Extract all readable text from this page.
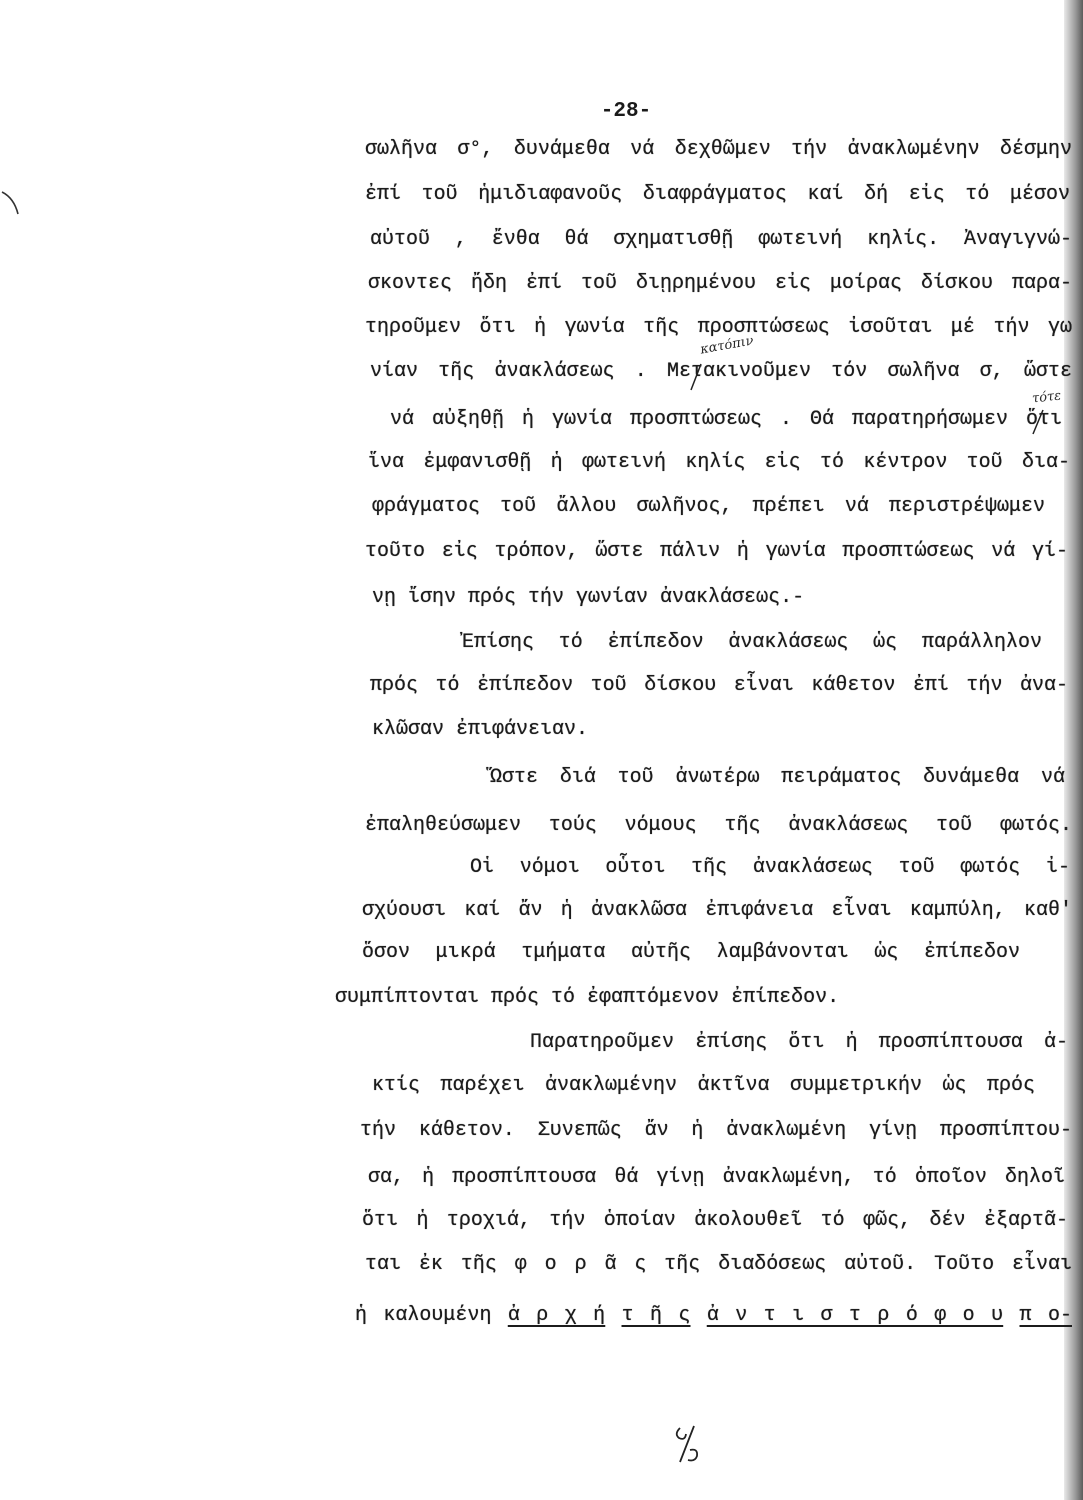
-28-
σωλῆνα σ°, δυνάμεθα νά δεχθῶμεν τήν ἀνακλωμένην δέσμην
ἐπί τοῦ ἡμιδιαφανοῦς διαφράγματος καί δή εἰς τό μέσον
αὐτοῦ , ἔνθα θά σχηματισθῇ φωτεινή κηλίς. Ἀναγιγνώ-
σκοντες ἤδη ἐπί τοῦ διῃρημένου εἰς μοίρας δίσκου παρα-
τηροῦμεν ὅτι ἡ γωνία τῆς προσπτώσεως ἰσοῦται μέ τήν γω
νίαν τῆς ἀνακλάσεως . Μετακινοῦμεν τόν σωλῆνα σ, ὥστε
νά αὐξηθῇ ἡ γωνία προσπτώσεως . Θά παρατηρήσωμεν ὅτι
ἵνα ἐμφανισθῇ ἡ φωτεινή κηλίς εἰς τό κέντρον τοῦ δια-
φράγματος τοῦ ἄλλου σωλῆνος, πρέπει νά περιστρέψωμεν
τοῦτο εἰς τρόπον, ὥστε πάλιν ἡ γωνία προσπτώσεως νά γί-
νῃ ἴσην πρός τήν γωνίαν ἀνακλάσεως.-
Ἐπίσης τό ἐπίπεδον ἀνακλάσεως ὡς παράλληλον
πρός τό ἐπίπεδον τοῦ δίσκου εἶναι κάθετον ἐπί τήν ἀνα-
κλῶσαν ἐπιφάνειαν.
Ὥστε διά τοῦ ἀνωτέρω πειράματος δυνάμεθα νά
ἐπαληθεύσωμεν τούς νόμους τῆς ἀνακλάσεως τοῦ φωτός.
Οἱ νόμοι οὗτοι τῆς ἀνακλάσεως τοῦ φωτός ἰ-
σχύουσι καί ἄν ἡ ἀνακλῶσα ἐπιφάνεια εἶναι καμπύλη, καθ'
ὅσον μικρά τμήματα αὐτῆς λαμβάνονται ὡς ἐπίπεδον
συμπίπτονται πρός τό ἐφαπτόμενον ἐπίπεδον.
Παρατηροῦμεν ἐπίσης ὅτι ἡ προσπίπτουσα ἀ-
κτίς παρέχει ἀνακλωμένην ἀκτῖνα συμμετρικήν ὡς πρός
τήν κάθετον. Συνεπῶς ἄν ἡ ἀνακλωμένη γίνῃ προσπίπτου-
σα, ἡ προσπίπτουσα θά γίνῃ ἀνακλωμένη, τό ὁποῖον δηλοῖ
ὅτι ἡ τροχιά, τήν ὁποίαν ἀκολουθεῖ τό φῶς, δέν ἐξαρτᾶ-
ται ἐκ τῆς φ ο ρ ᾶ ς τῆς διαδόσεως αὐτοῦ. Τοῦτο εἶναι
ἡ καλουμένη ἀ ρ χ ή τ ῆ ς ἀ ν τ ι σ τ ρ ό φ ο υ π ο-
κατόπιν
τότε
